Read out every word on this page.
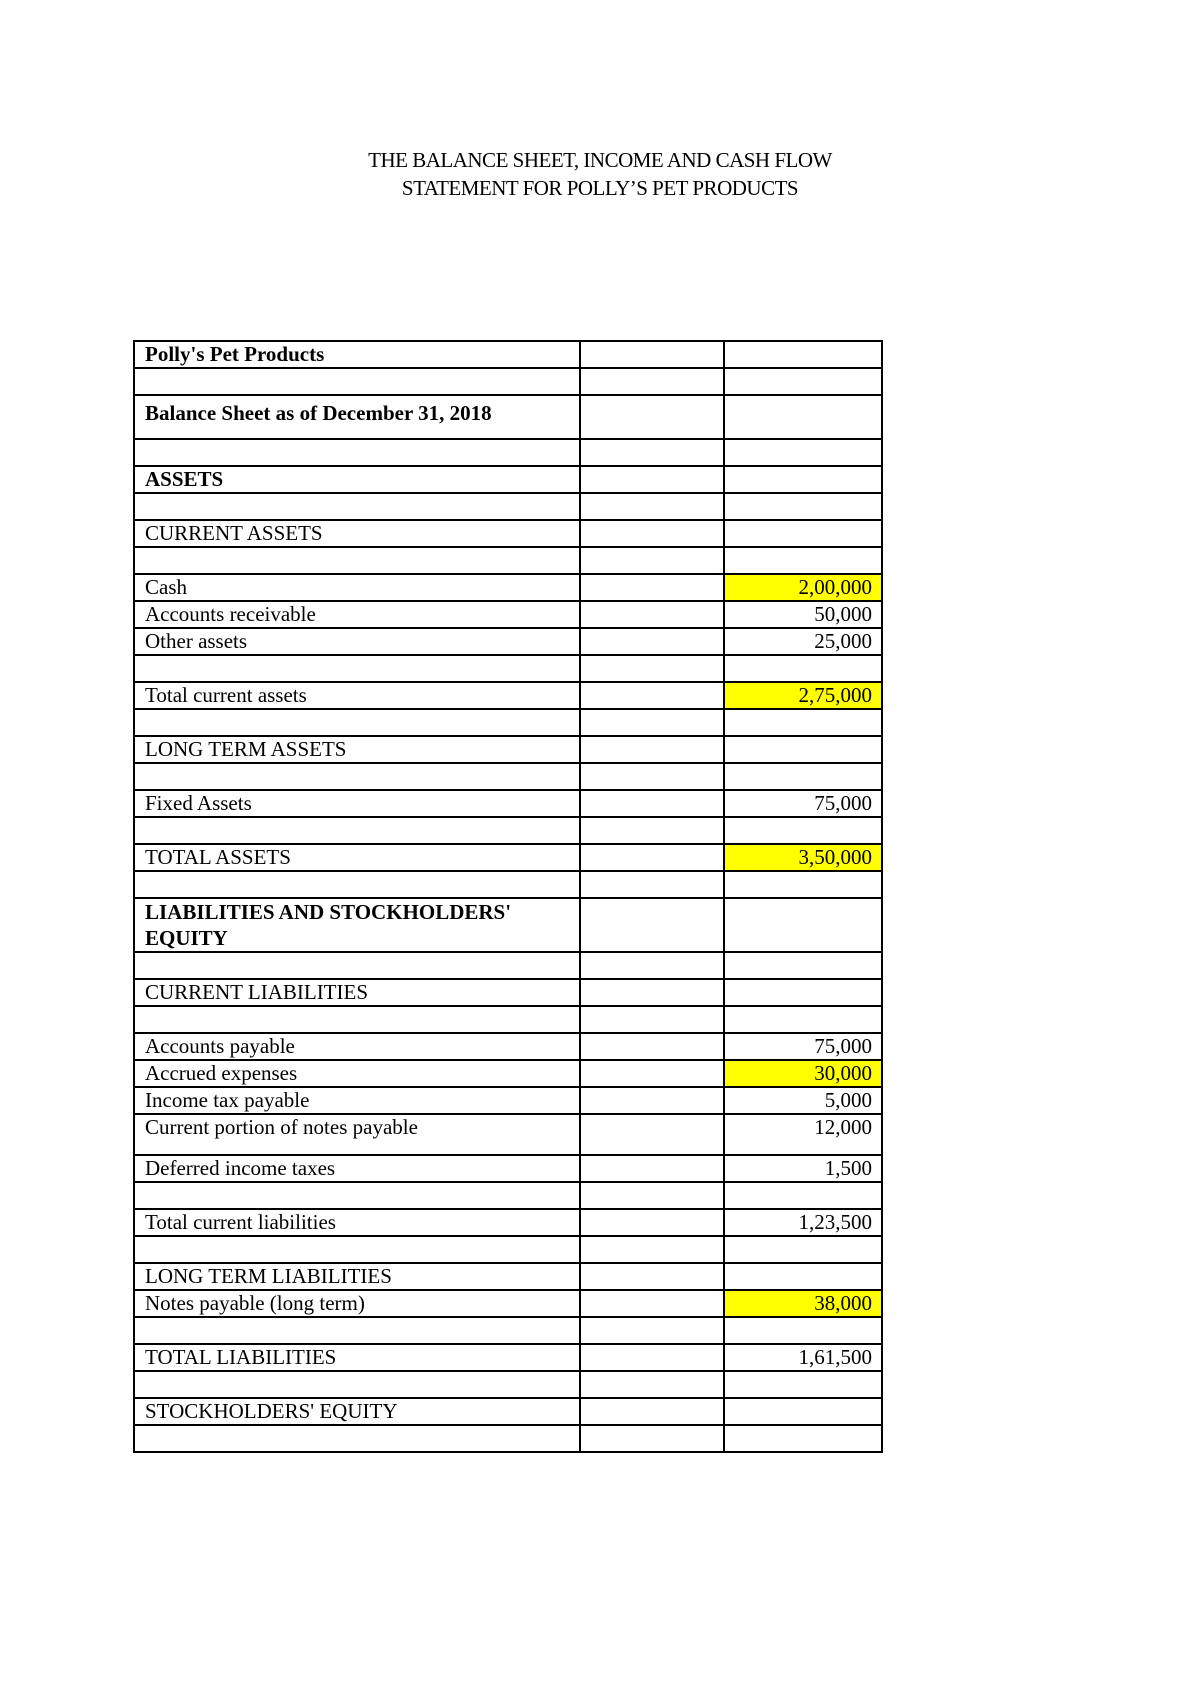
THE BALANCE SHEET, INCOME AND CASH FLOW
STATEMENT FOR POLLY’S PET PRODUCTS
Polly's Pet Products		

Balance Sheet as of December 31, 2018		

ASSETS		

CURRENT ASSETS		

Cash		2,00,000
Accounts receivable		50,000
Other assets		25,000

Total current assets		2,75,000

LONG TERM ASSETS		

Fixed Assets		75,000

TOTAL ASSETS		3,50,000

LIABILITIES AND STOCKHOLDERS' EQUITY		

CURRENT LIABILITIES		

Accounts payable		75,000
Accrued expenses		30,000
Income tax payable		5,000
Current portion of notes payable		12,000
Deferred income taxes		1,500

Total current liabilities		1,23,500

LONG TERM LIABILITIES		
Notes payable (long term)		38,000

TOTAL LIABILITIES		1,61,500

STOCKHOLDERS' EQUITY		
